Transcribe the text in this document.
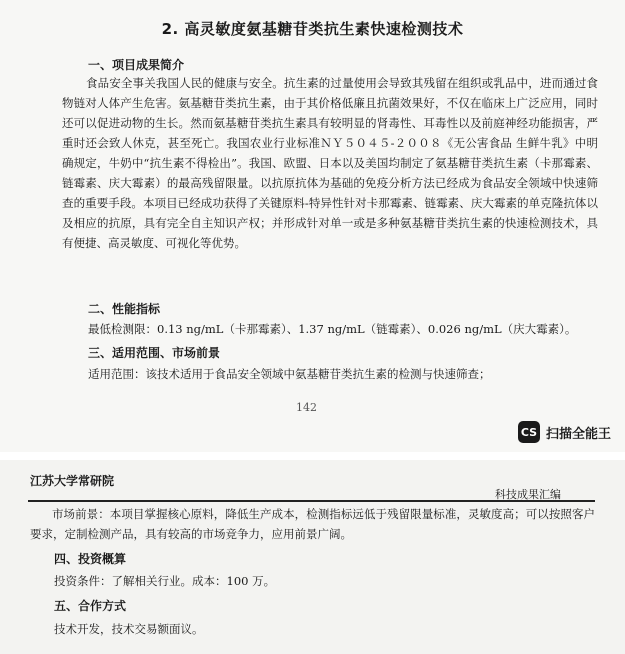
2. 高灵敏度氨基糖苷类抗生素快速检测技术
一、项目成果简介
食品安全事关我国人民的健康与安全。抗生素的过量使用会导致其残留在组织或乳品中，进而通过食物链对人体产生危害。氨基糖苷类抗生素，由于其价格低廉且抗菌效果好，不仅在临床上广泛应用，同时还可以促进动物的生长。然而氨基糖苷类抗生素具有较明显的肾毒性、耳毒性以及前庭神经功能损害，严重时还会致人休克，甚至死亡。我国农业行业标准ＮＹ５０４５-２００８《无公害食品 生鲜牛乳》中明确规定，牛奶中“抗生素不得检出”。我国、欧盟、日本以及美国均制定了氨基糖苷类抗生素（卡那霉素、链霉素、庆大霉素）的最高残留限量。以抗原抗体为基础的免疫分析方法已经成为食品安全领域中快速筛查的重要手段。本项目已经成功获得了关键原料-特异性针对卡那霉素、链霉素、庆大霉素的单克隆抗体以及相应的抗原，具有完全自主知识产权；并形成针对单一或是多种氨基糖苷类抗生素的快速检测技术，具有便捷、高灵敏度、可视化等优势。
二、性能指标
最低检测限：0.13 ng/mL（卡那霉素）、1.37 ng/mL（链霉素）、0.026 ng/mL（庆大霉素）。
三、适用范围、市场前景
适用范围：该技术适用于食品安全领域中氨基糖苷类抗生素的检测与快速筛查；
142
CS 扫描全能王
江苏大学常研院
科技成果汇编
市场前景：本项目掌握核心原料，降低生产成本，检测指标远低于残留限量标准，灵敏度高；可以按照客户要求，定制检测产品，具有较高的市场竞争力，应用前景广阔。
四、投资概算
投资条件：了解相关行业。成本：100 万。
五、合作方式
技术开发，技术交易额面议。
